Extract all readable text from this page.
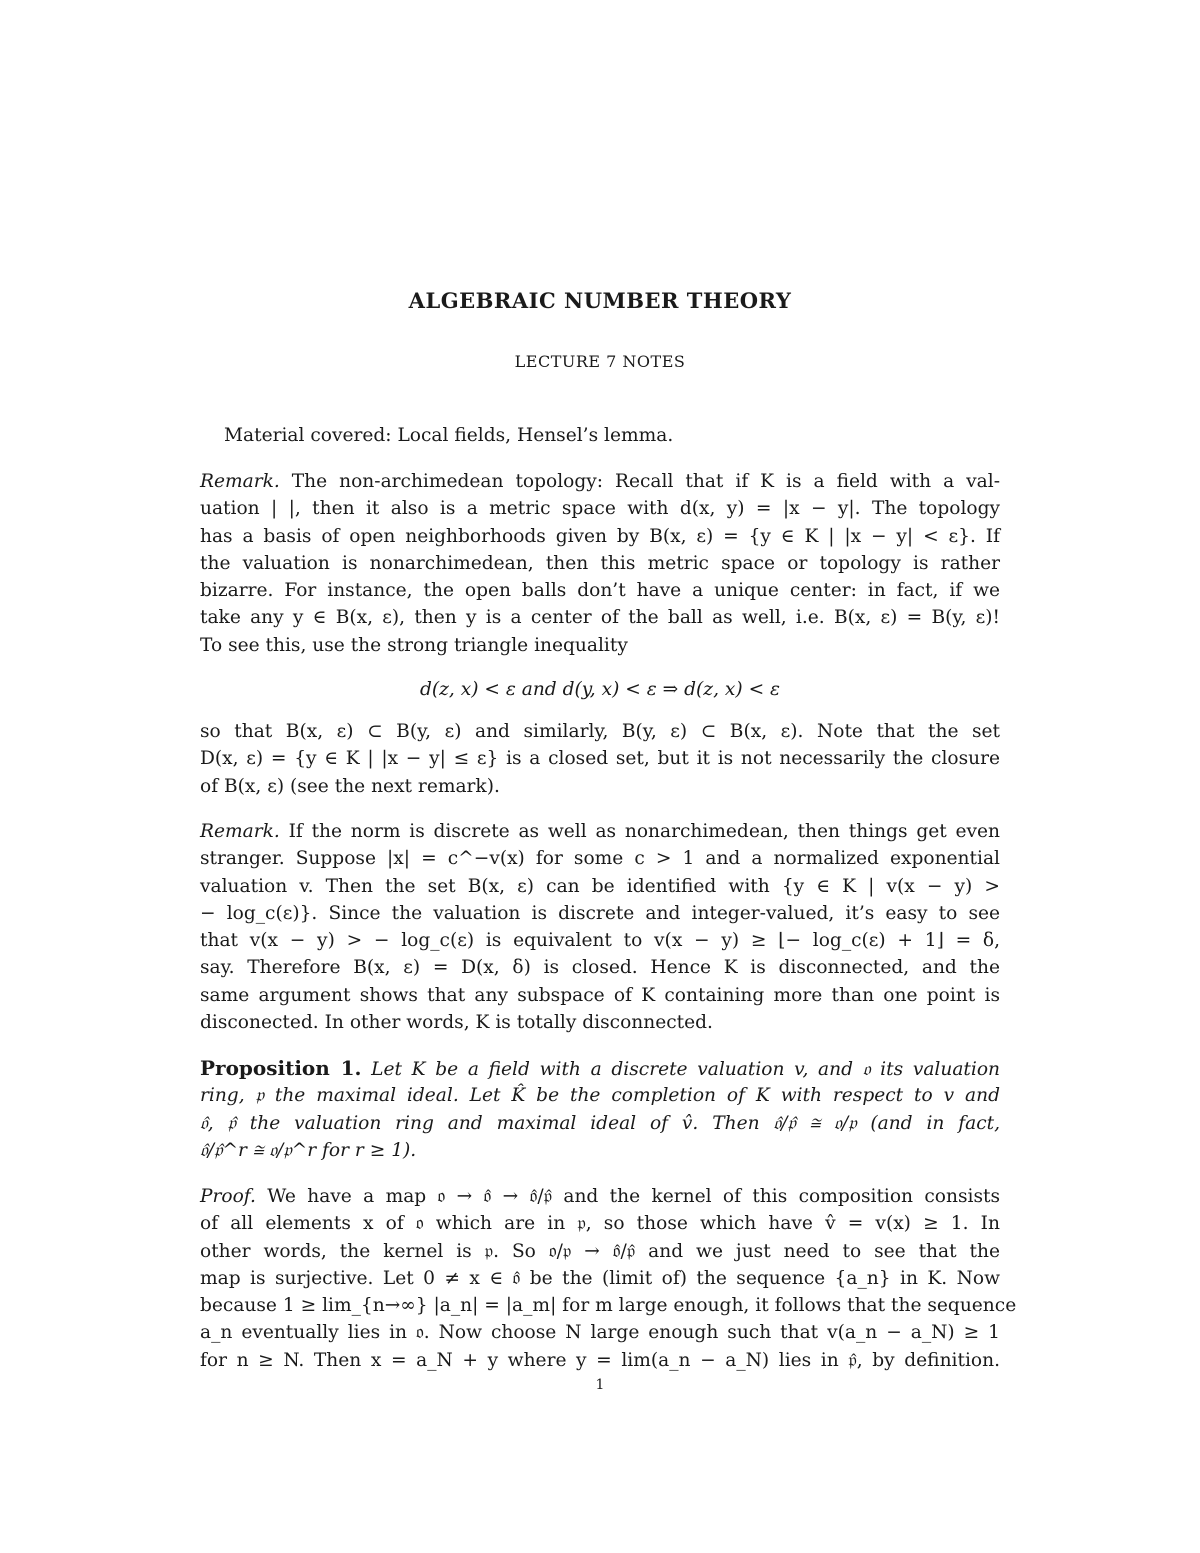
ALGEBRAIC NUMBER THEORY
LECTURE 7 NOTES
Material covered: Local fields, Hensel’s lemma.
Remark. The non-archimedean topology: Recall that if K is a field with a val-
uation | |, then it also is a metric space with d(x, y) = |x − y|. The topology
has a basis of open neighborhoods given by B(x, ε) = {y ∈ K | |x − y| < ε}. If
the valuation is nonarchimedean, then this metric space or topology is rather
bizarre. For instance, the open balls don’t have a unique center: in fact, if we
take any y ∈ B(x, ε), then y is a center of the ball as well, i.e. B(x, ε) = B(y, ε)!
To see this, use the strong triangle inequality
d(z, x) < ε and d(y, x) < ε ⇒ d(z, x) < ε
so that B(x, ε) ⊂ B(y, ε) and similarly, B(y, ε) ⊂ B(x, ε). Note that the set
D(x, ε) = {y ∈ K | |x − y| ≤ ε} is a closed set, but it is not necessarily the closure
of B(x, ε) (see the next remark).
Remark. If the norm is discrete as well as nonarchimedean, then things get even
stranger. Suppose |x| = c^−v(x) for some c > 1 and a normalized exponential
valuation v. Then the set B(x, ε) can be identified with {y ∈ K | v(x − y) >
− log_c(ε)}. Since the valuation is discrete and integer-valued, it’s easy to see
that v(x − y) > − log_c(ε) is equivalent to v(x − y) ≥ ⌊− log_c(ε) + 1⌋ = δ,
say. Therefore B(x, ε) = D(x, δ) is closed. Hence K is disconnected, and the
same argument shows that any subspace of K containing more than one point is
disconected. In other words, K is totally disconnected.
Proposition 1. Let K be a field with a discrete valuation v, and 𝔬 its valuation
ring, 𝔭 the maximal ideal. Let K̂ be the completion of K with respect to v and
𝔬̂, 𝔭̂ the valuation ring and maximal ideal of v̂. Then 𝔬̂/𝔭̂ ≅ 𝔬/𝔭 (and in fact,
𝔬̂/𝔭̂^r ≅ 𝔬/𝔭^r for r ≥ 1).
Proof. We have a map 𝔬 → 𝔬̂ → 𝔬̂/𝔭̂ and the kernel of this composition consists
of all elements x of 𝔬 which are in 𝔭, so those which have v̂ = v(x) ≥ 1. In
other words, the kernel is 𝔭. So 𝔬/𝔭 → 𝔬̂/𝔭̂ and we just need to see that the
map is surjective. Let 0 ≠ x ∈ 𝔬̂ be the (limit of) the sequence {a_n} in K. Now
because 1 ≥ lim_{n→∞} |a_n| = |a_m| for m large enough, it follows that the sequence
a_n eventually lies in 𝔬. Now choose N large enough such that v(a_n − a_N) ≥ 1
for n ≥ N. Then x = a_N + y where y = lim(a_n − a_N) lies in 𝔭̂, by definition.
1
